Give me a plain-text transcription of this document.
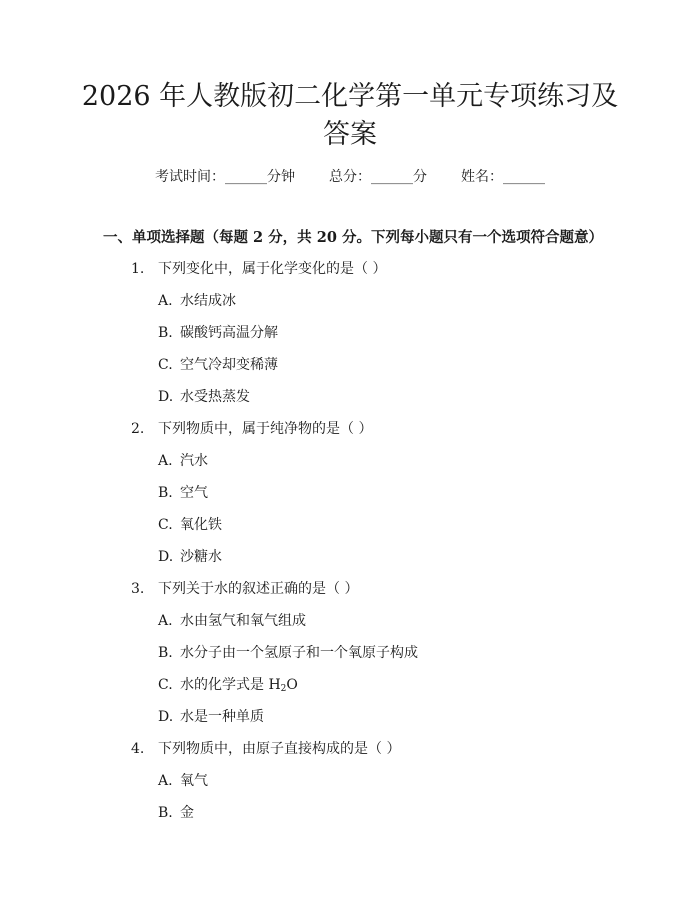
2026 年人教版初二化学第一单元专项练习及
答案
考试时间：______分钟 总分：______分 姓名：______
一、单项选择题（每题 2 分，共 20 分。下列每小题只有一个选项符合题意）
1. 下列变化中，属于化学变化的是（ ）
A. 水结成冰
B. 碳酸钙高温分解
C. 空气冷却变稀薄
D. 水受热蒸发
2. 下列物质中，属于纯净物的是（ ）
A. 汽水
B. 空气
C. 氧化铁
D. 沙糖水
3. 下列关于水的叙述正确的是（ ）
A. 水由氢气和氧气组成
B. 水分子由一个氢原子和一个氧原子构成
C. 水的化学式是 $H_2O$
D. 水是一种单质
4. 下列物质中，由原子直接构成的是（ ）
A. 氧气
B. 金
